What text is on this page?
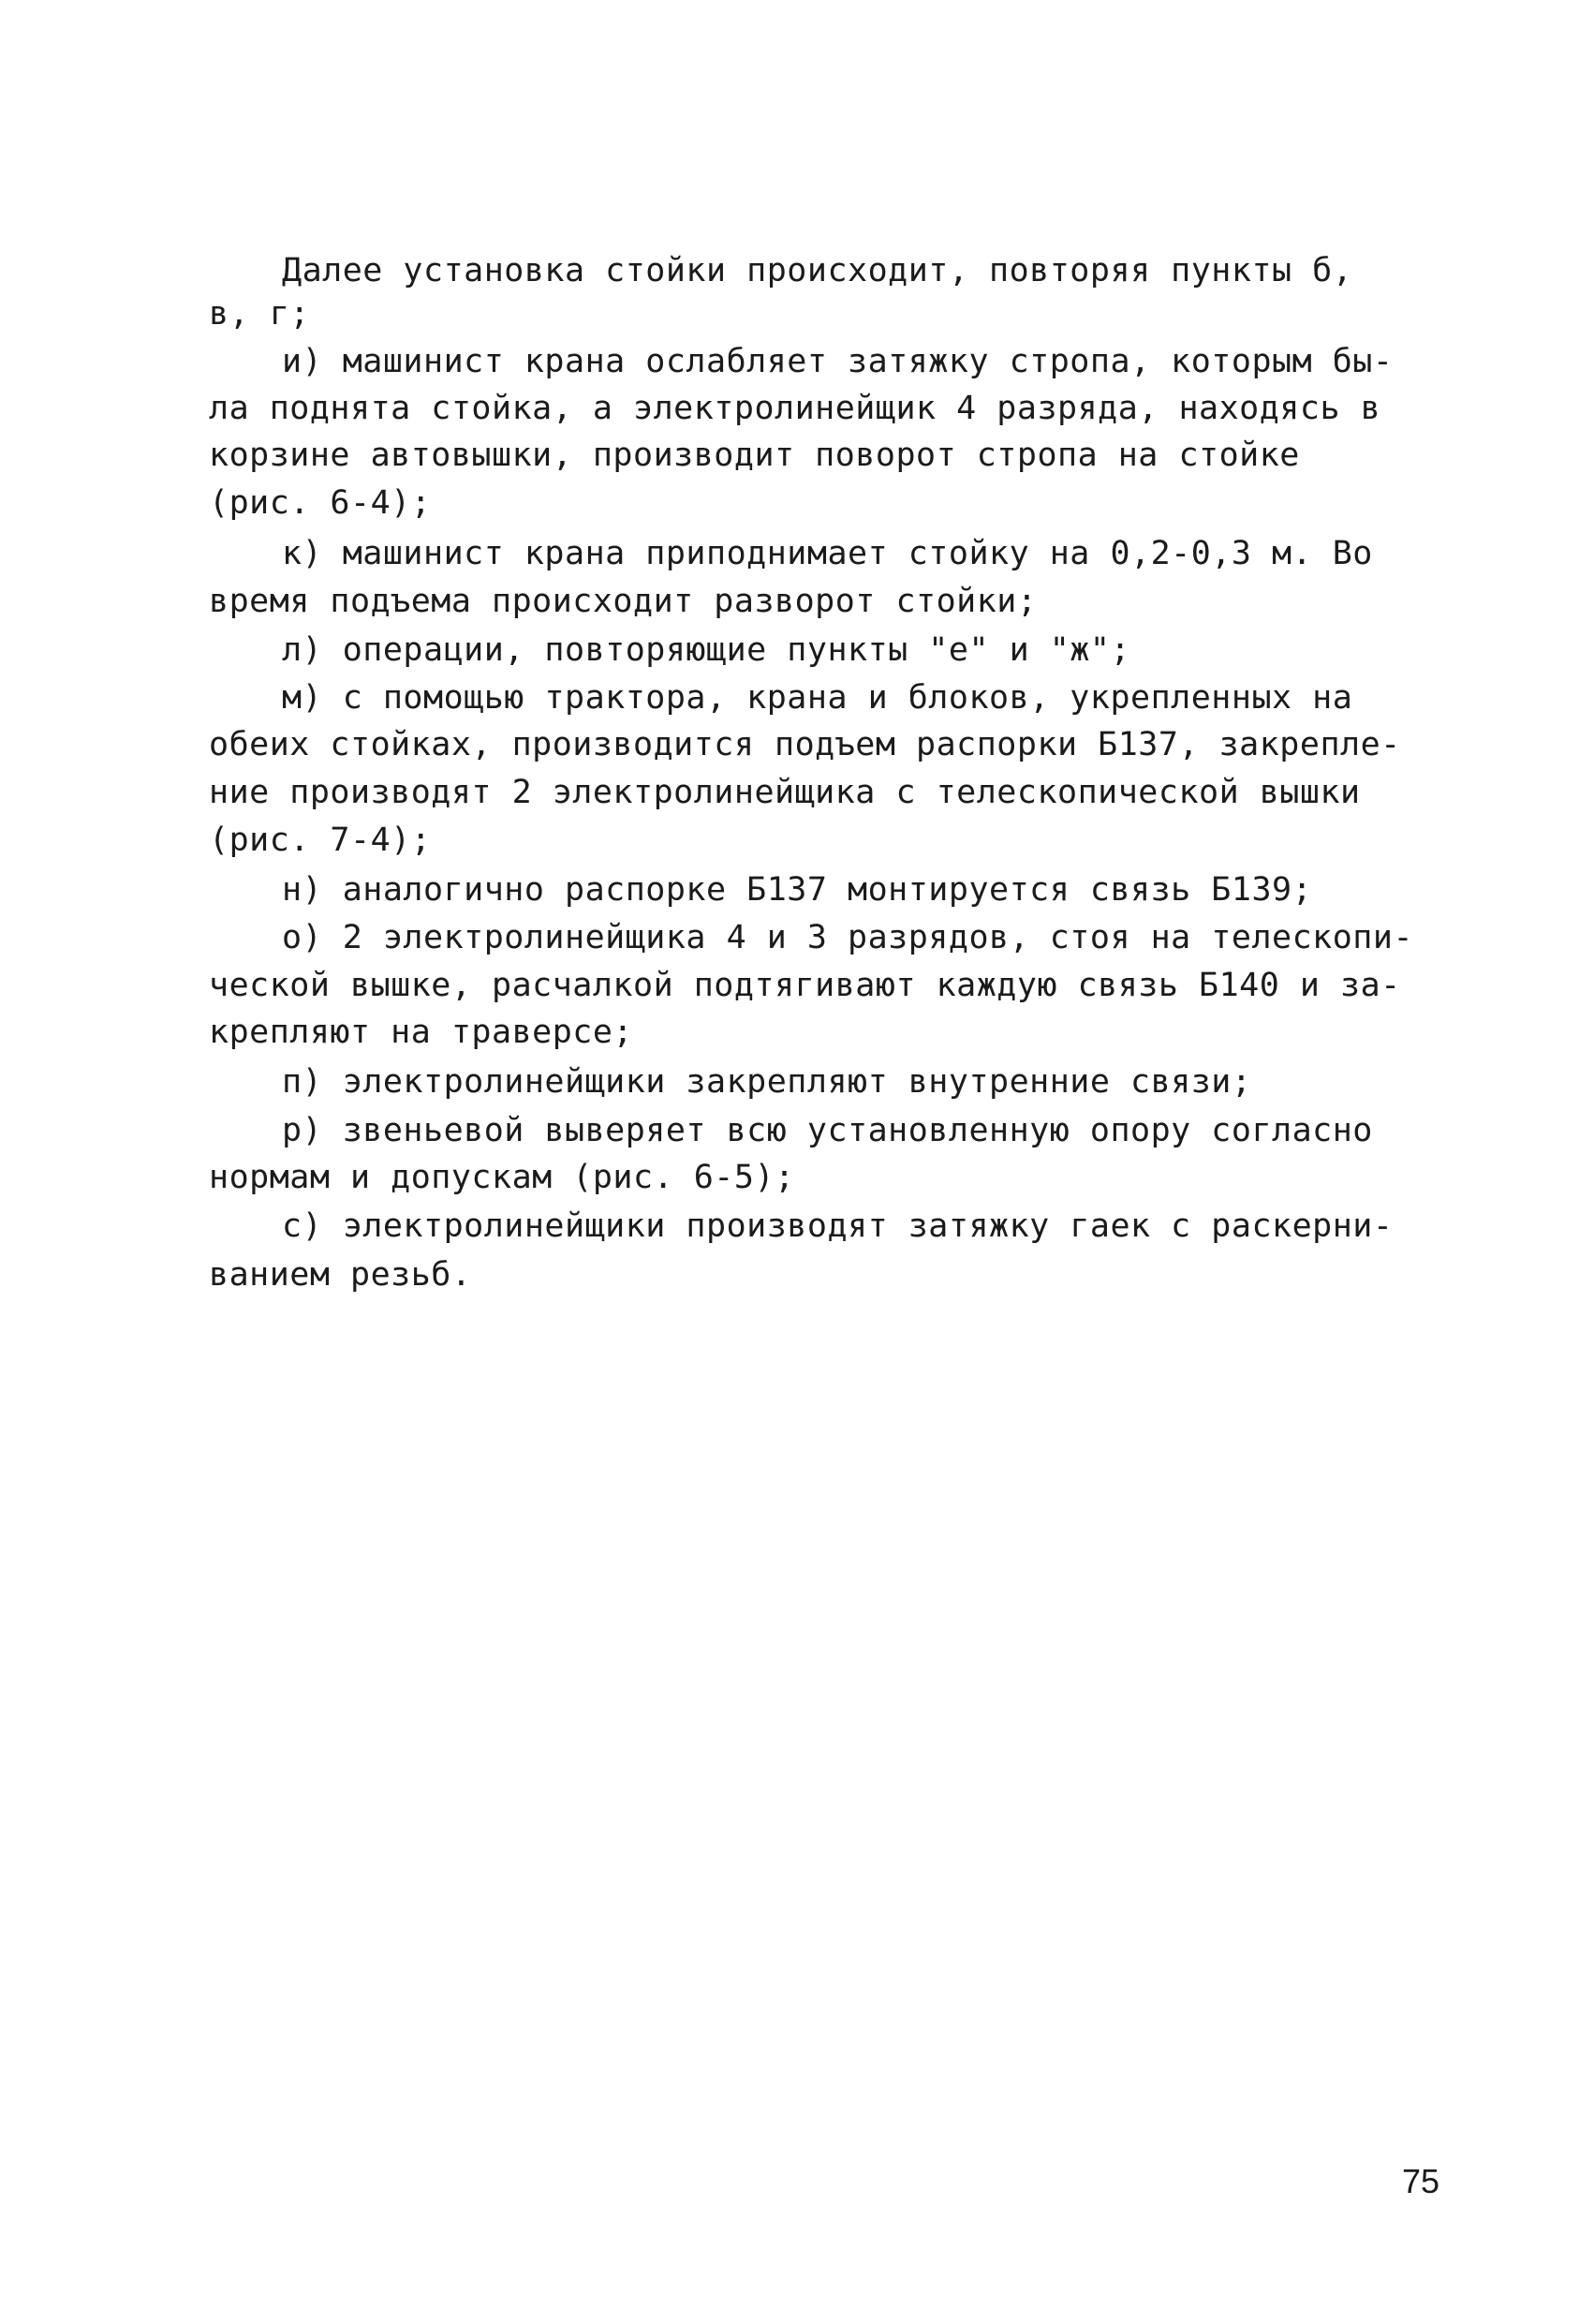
Далее установка стойки происходит, повторяя пункты б,
в, г;
и) машинист крана ослабляет затяжку стропа, которым бы-
ла поднята стойка, а электролинейщик 4 разряда, находясь в
корзине автовышки, производит поворот стропа на стойке
(рис. 6-4);
к) машинист крана приподнимает стойку на 0,2-0,3 м. Во
время подъема происходит разворот стойки;
л) операции, повторяющие пункты "е" и "ж";
м) с помощью трактора, крана и блоков, укрепленных на
обеих стойках, производится подъем распорки Б137, закрепле-
ние производят 2 электролинейщика с телескопической вышки
(рис. 7-4);
н) аналогично распорке Б137 монтируется связь Б139;
о) 2 электролинейщика 4 и 3 разрядов, стоя на телескопи-
ческой вышке, расчалкой подтягивают каждую связь Б140 и за-
крепляют на траверсе;
п) электролинейщики закрепляют внутренние связи;
р) звеньевой выверяет всю установленную опору согласно
нормам и допускам (рис. 6-5);
с) электролинейщики производят затяжку гаек с раскерни-
ванием резьб.
75
